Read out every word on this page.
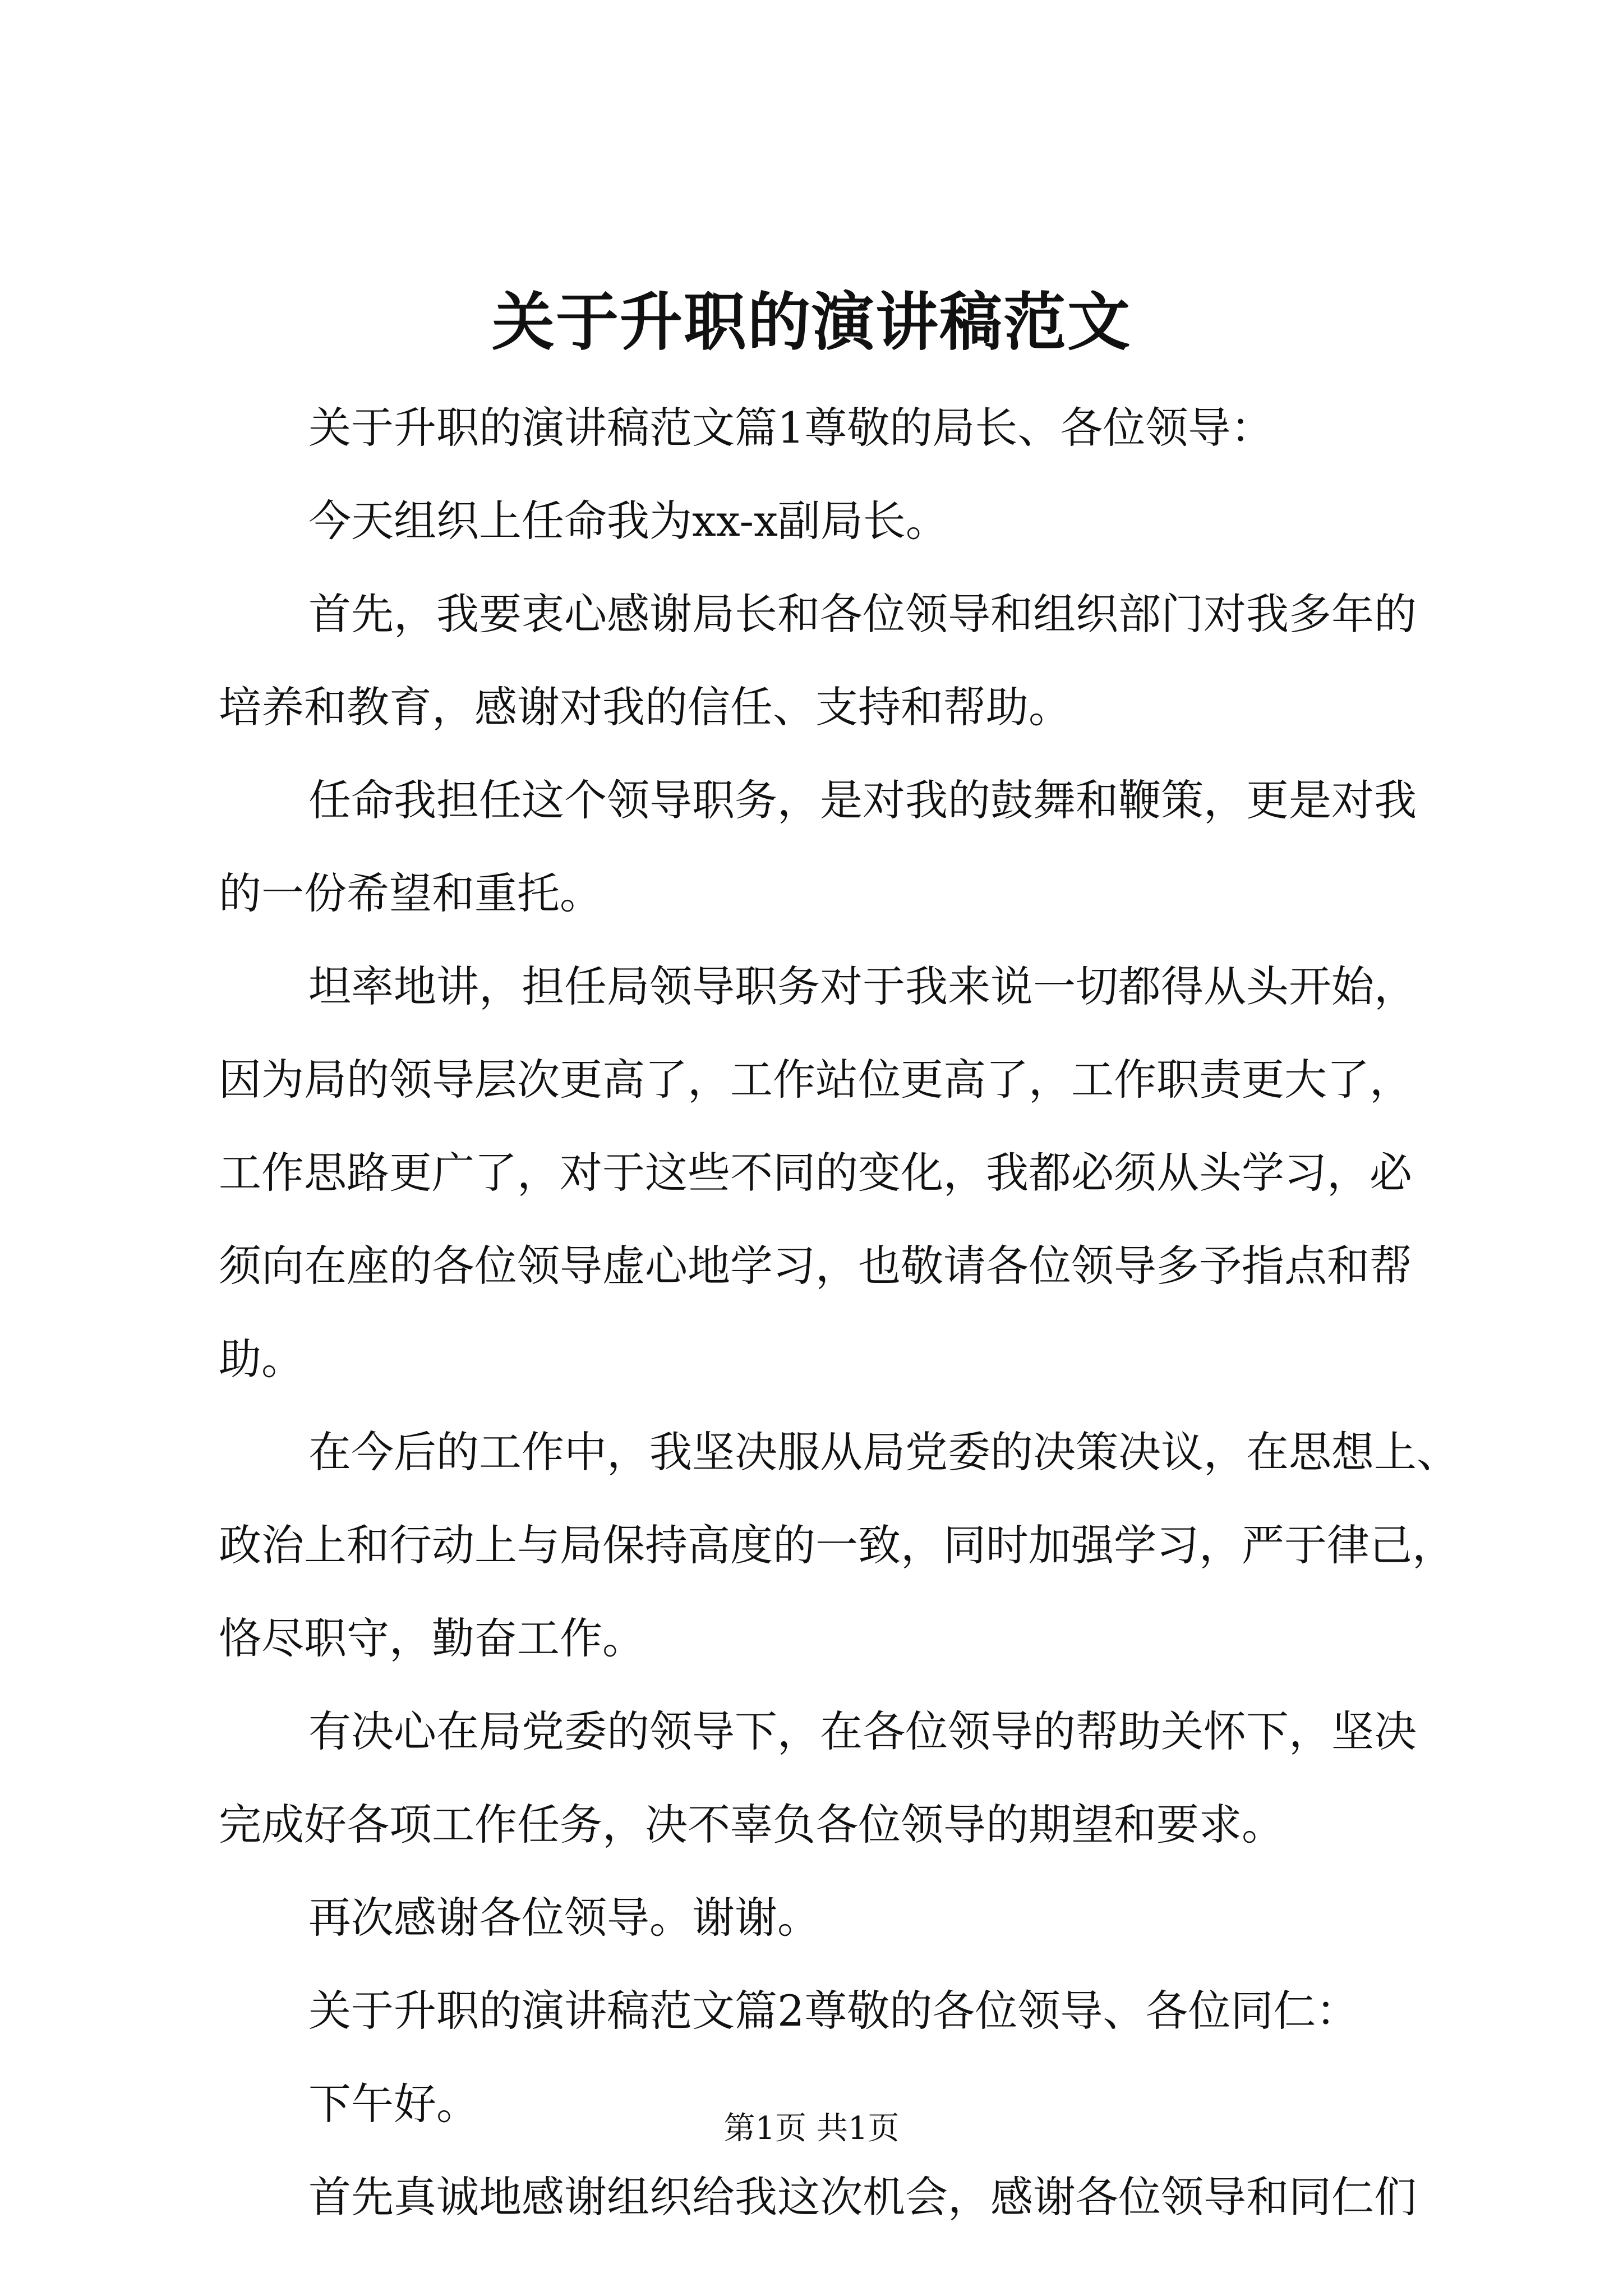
关于升职的演讲稿范文
关于升职的演讲稿范文篇1尊敬的局长、各位领导：
今天组织上任命我为xx-x副局长。
首先，我要衷心感谢局长和各位领导和组织部门对我多年的
培养和教育，感谢对我的信任、支持和帮助。
任命我担任这个领导职务，是对我的鼓舞和鞭策，更是对我
的一份希望和重托。
坦率地讲，担任局领导职务对于我来说一切都得从头开始，
因为局的领导层次更高了，工作站位更高了，工作职责更大了，
工作思路更广了，对于这些不同的变化，我都必须从头学习，必
须向在座的各位领导虚心地学习，也敬请各位领导多予指点和帮
助。
在今后的工作中，我坚决服从局党委的决策决议，在思想上、
政治上和行动上与局保持高度的一致，同时加强学习，严于律己，
恪尽职守，勤奋工作。
有决心在局党委的领导下，在各位领导的帮助关怀下，坚决
完成好各项工作任务，决不辜负各位领导的期望和要求。
再次感谢各位领导。谢谢。
关于升职的演讲稿范文篇2尊敬的各位领导、各位同仁：
下午好。
首先真诚地感谢组织给我这次机会，感谢各位领导和同仁们
第1页 共1页
